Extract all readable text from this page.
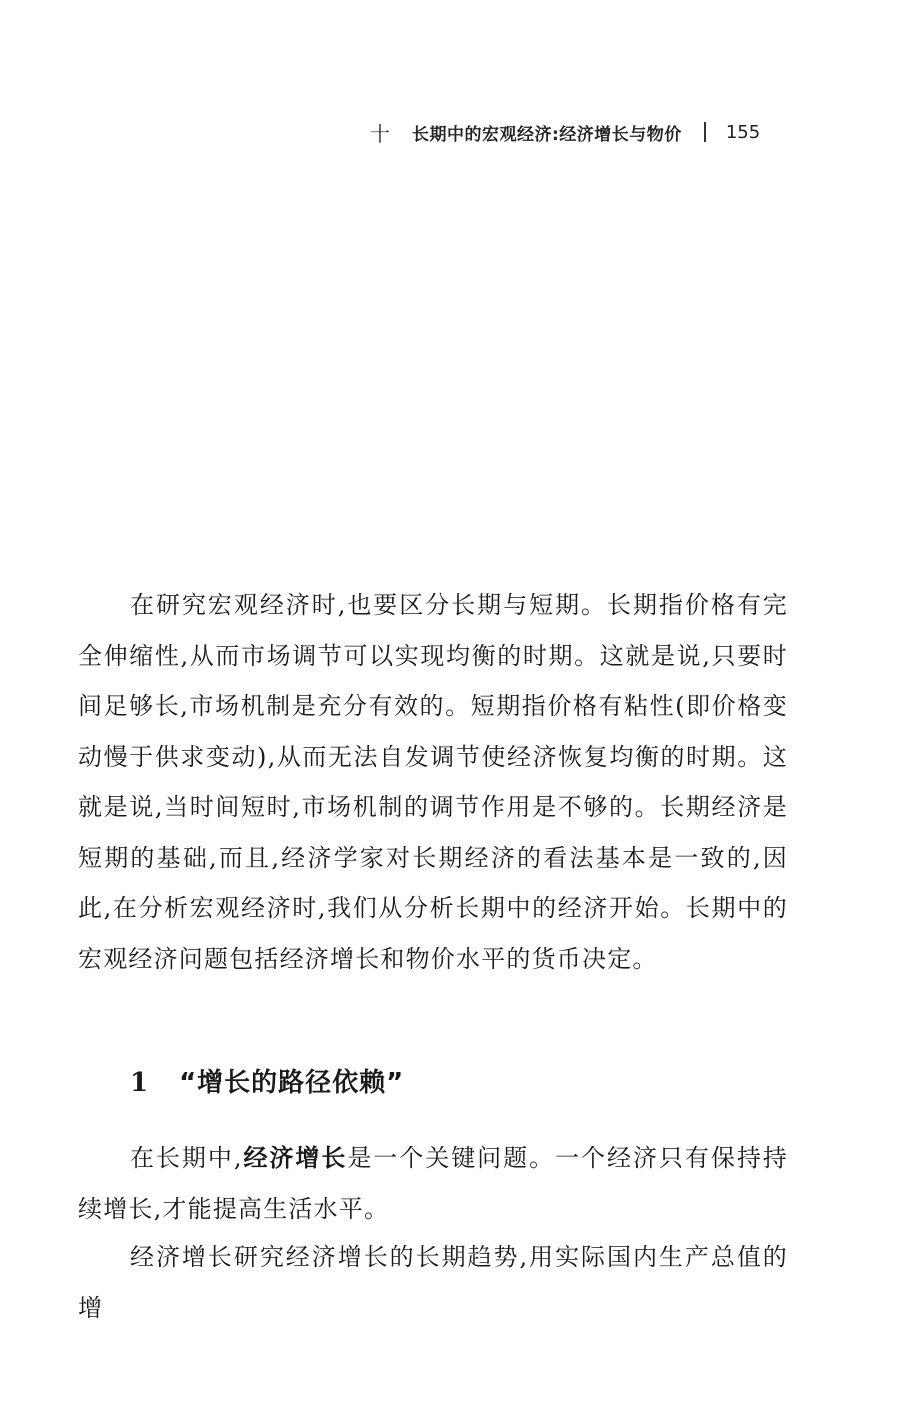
十 长期中的宏观经济:经济增长与物价 155

在研究宏观经济时,也要区分长期与短期。长期指价格有完全伸缩性,从而市场调节可以实现均衡的时期。这就是说,只要时间足够长,市场机制是充分有效的。短期指价格有粘性(即价格变动慢于供求变动),从而无法自发调节使经济恢复均衡的时期。这就是说,当时间短时,市场机制的调节作用是不够的。长期经济是短期的基础,而且,经济学家对长期经济的看法基本是一致的,因此,在分析宏观经济时,我们从分析长期中的经济开始。长期中的宏观经济问题包括经济增长和物价水平的货币决定。

1 “增长的路径依赖”

在长期中,经济增长是一个关键问题。一个经济只有保持持续增长,才能提高生活水平。

经济增长研究经济增长的长期趋势,用实际国内生产总值的增
